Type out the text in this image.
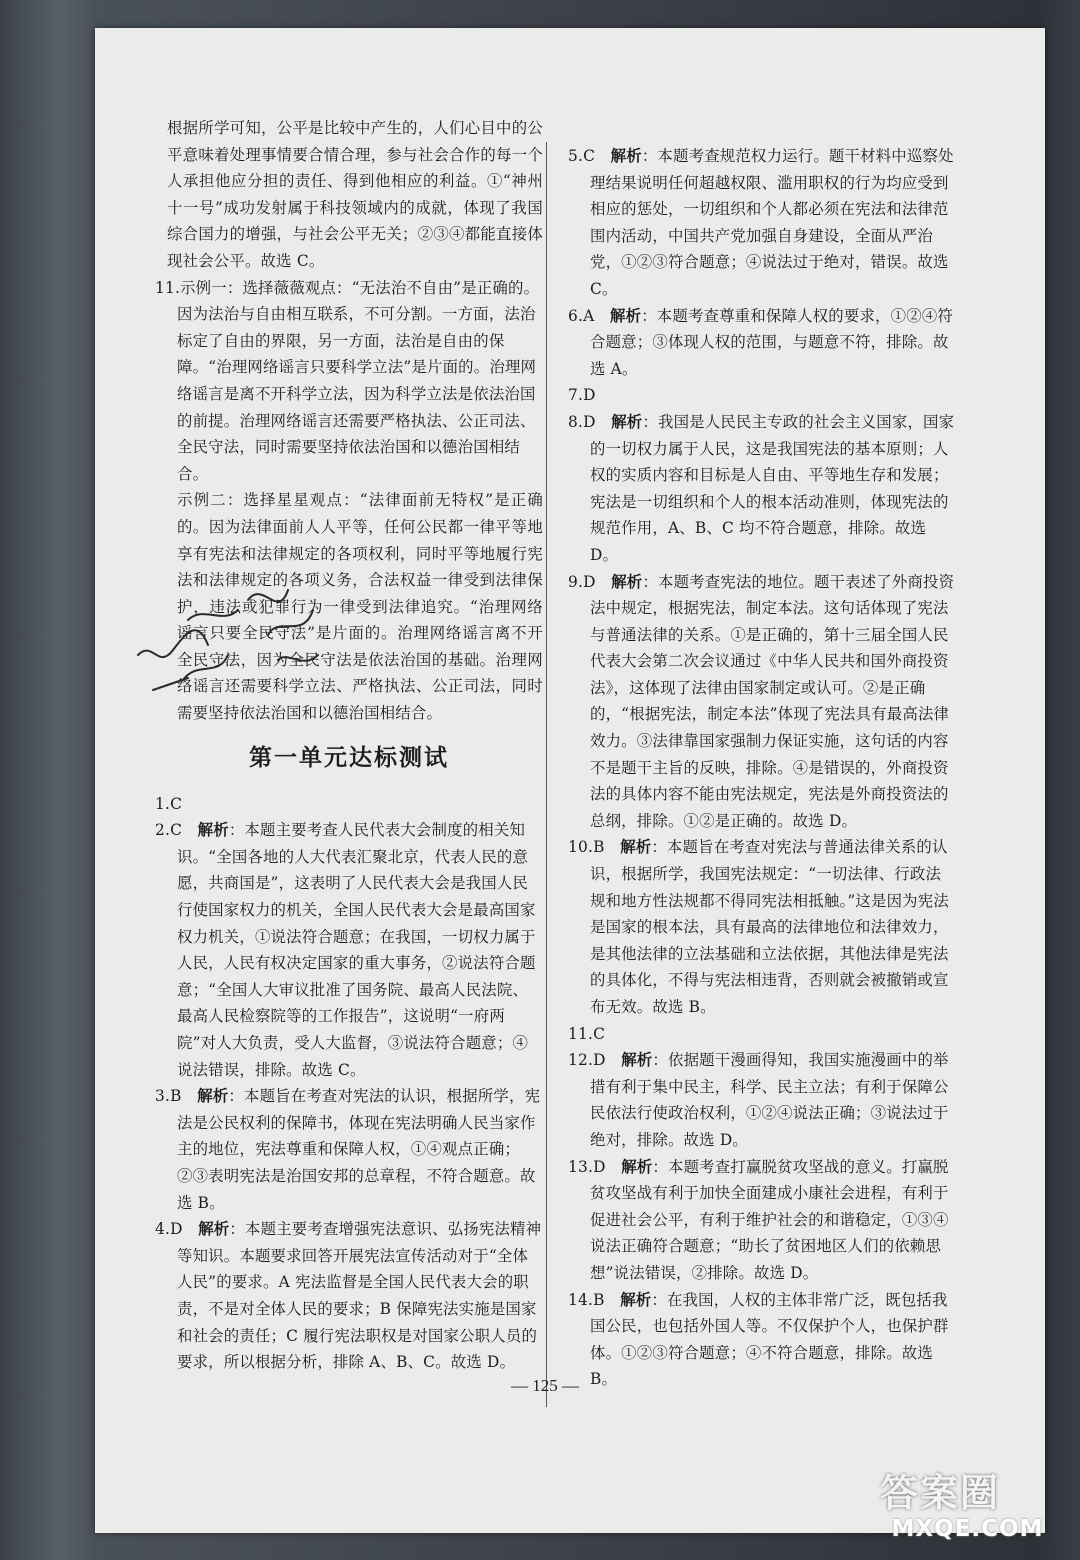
根据所学可知，公平是比较中产生的，人们心目中的公平意味着处理事情要合情合理，参与社会合作的每一个人承担他应分担的责任、得到他相应的利益。①“神州十一号”成功发射属于科技领域内的成就，体现了我国综合国力的增强，与社会公平无关；②③④都能直接体现社会公平。故选 C。

11.示例一：选择薇薇观点：“无法治不自由”是正确的。因为法治与自由相互联系，不可分割。一方面，法治标定了自由的界限，另一方面，法治是自由的保障。“治理网络谣言只要科学立法”是片面的。治理网络谣言是离不开科学立法，因为科学立法是依法治国的前提。治理网络谣言还需要严格执法、公正司法、全民守法，同时需要坚持依法治国和以德治国相结合。

示例二：选择星星观点：“法律面前无特权”是正确的。因为法律面前人人平等，任何公民都一律平等地享有宪法和法律规定的各项权利，同时平等地履行宪法和法律规定的各项义务，合法权益一律受到法律保护，违法或犯罪行为一律受到法律追究。“治理网络谣言只要全民守法”是片面的。治理网络谣言离不开全民守法，因为全民守法是依法治国的基础。治理网络谣言还需要科学立法、严格执法、公正司法，同时需要坚持依法治国和以德治国相结合。

第一单元达标测试
1.C
2.C  解析：本题主要考查人民代表大会制度的相关知识。“全国各地的人大代表汇聚北京，代表人民的意愿，共商国是”，这表明了人民代表大会是我国人民行使国家权力的机关，全国人民代表大会是最高国家权力机关，①说法符合题意；在我国，一切权力属于人民，人民有权决定国家的重大事务，②说法符合题意；“全国人大审议批准了国务院、最高人民法院、最高人民检察院等的工作报告”，这说明“一府两院”对人大负责，受人大监督，③说法符合题意；④说法错误，排除。故选 C。
3.B  解析：本题旨在考查对宪法的认识，根据所学，宪法是公民权利的保障书，体现在宪法明确人民当家作主的地位，宪法尊重和保障人权，①④观点正确；②③表明宪法是治国安邦的总章程，不符合题意。故选 B。
4.D  解析：本题主要考查增强宪法意识、弘扬宪法精神等知识。本题要求回答开展宪法宣传活动对于“全体人民”的要求。A 宪法监督是全国人民代表大会的职责，不是对全体人民的要求；B 保障宪法实施是国家和社会的责任；C 履行宪法职权是对国家公职人员的要求，所以根据分析，排除 A、B、C。故选 D。
5.C  解析：本题考查规范权力运行。题干材料中巡察处理结果说明任何超越权限、滥用职权的行为均应受到相应的惩处，一切组织和个人都必须在宪法和法律范围内活动，中国共产党加强自身建设，全面从严治党，①②③符合题意；④说法过于绝对，错误。故选 C。
6.A  解析：本题考查尊重和保障人权的要求，①②④符合题意；③体现人权的范围，与题意不符，排除。故选 A。
7.D
8.D  解析：我国是人民民主专政的社会主义国家，国家的一切权力属于人民，这是我国宪法的基本原则；人权的实质内容和目标是人自由、平等地生存和发展；宪法是一切组织和个人的根本活动准则，体现宪法的规范作用，A、B、C 均不符合题意，排除。故选 D。
9.D  解析：本题考查宪法的地位。题干表述了外商投资法中规定，根据宪法，制定本法。这句话体现了宪法与普通法律的关系。①是正确的，第十三届全国人民代表大会第二次会议通过《中华人民共和国外商投资法》，这体现了法律由国家制定或认可。②是正确的，“根据宪法，制定本法”体现了宪法具有最高法律效力。③法律靠国家强制力保证实施，这句话的内容不是题干主旨的反映，排除。④是错误的，外商投资法的具体内容不能由宪法规定，宪法是外商投资法的总纲，排除。①②是正确的。故选 D。
10.B  解析：本题旨在考查对宪法与普通法律关系的认识，根据所学，我国宪法规定：“一切法律、行政法规和地方性法规都不得同宪法相抵触。”这是因为宪法是国家的根本法，具有最高的法律地位和法律效力，是其他法律的立法基础和立法依据，其他法律是宪法的具体化，不得与宪法相违背，否则就会被撤销或宣布无效。故选 B。
11.C
12.D  解析：依据题干漫画得知，我国实施漫画中的举措有利于集中民主，科学、民主立法；有利于保障公民依法行使政治权利，①②④说法正确；③说法过于绝对，排除。故选 D。
13.D  解析：本题考查打赢脱贫攻坚战的意义。打赢脱贫攻坚战有利于加快全面建成小康社会进程，有利于促进社会公平，有利于维护社会的和谐稳定，①③④说法正确符合题意；“助长了贫困地区人们的依赖思想”说法错误，②排除。故选 D。
14.B  解析：在我国，人权的主体非常广泛，既包括我国公民，也包括外国人等。不仅保护个人，也保护群体。①②③符合题意；④不符合题意，排除。故选 B。
— 125 —
答案圈
MXQE.COM
